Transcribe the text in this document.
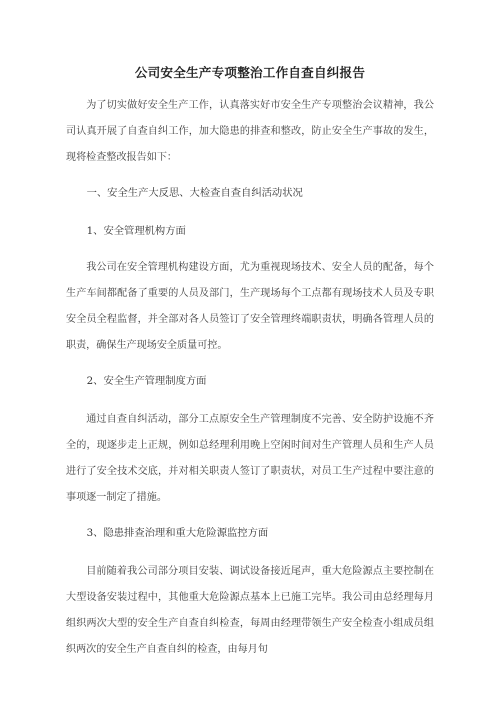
公司安全生产专项整治工作自查自纠报告

为了切实做好安全生产工作，认真落实好市安全生产专项整治会议精神，我公司认真开展了自查自纠工作，加大隐患的排查和整改，防止安全生产事故的发生，现将检查整改报告如下：

一、安全生产大反思、大检查自查自纠活动状况

1、安全管理机构方面

我公司在安全管理机构建设方面，尤为重视现场技术、安全人员的配备，每个生产车间都配备了重要的人员及部门，生产现场每个工点都有现场技术人员及专职安全员全程监督，并全部对各人员签订了安全管理终端职责状，明确各管理人员的职责，确保生产现场安全质量可控。

2、安全生产管理制度方面

通过自查自纠活动，部分工点原安全生产管理制度不完善、安全防护设施不齐全的，现逐步走上正规，例如总经理利用晚上空闲时间对生产管理人员和生产人员进行了安全技术交底，并对相关职责人签订了职责状，对员工生产过程中要注意的事项逐一制定了措施。

3、隐患排查治理和重大危险源监控方面

目前随着我公司部分项目安装、调试设备接近尾声，重大危险源点主要控制在大型设备安装过程中，其他重大危险源点基本上已施工完毕。我公司由总经理每月组织两次大型的安全生产自查自纠检查，每周由经理带领生产安全检查小组成员组织两次的安全生产自查自纠的检查，由每月旬
